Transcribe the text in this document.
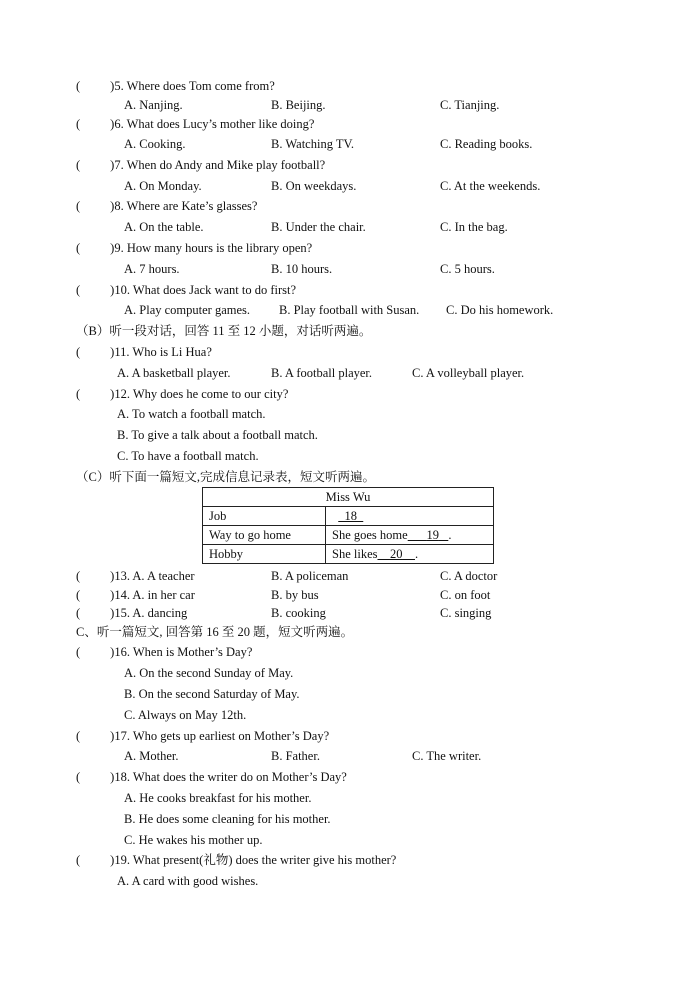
( )5. Where does Tom come from?
A. Nanjing.	B. Beijing.	C. Tianjing.
( )6. What does Lucy’s mother like doing?
A. Cooking.	B. Watching TV.	C. Reading books.
( )7. When do Andy and Mike play football?
A. On Monday.	B. On weekdays.	C. At the weekends.
( )8. Where are Kate’s glasses?
A. On the table.	B. Under the chair.	C. In the bag.
( )9. How many hours is the library open?
A. 7 hours.	B. 10 hours.	C. 5 hours.
( )10. What does Jack want to do first?
A. Play computer games. B. Play football with Susan. C. Do his homework.
（B）听一段对话，回答 11 至 12 小题，对话听两遍。
( )11. Who is Li Hua?
A. A basketball player.	B. A football player.	C. A volleyball player.
( )12. Why does he come to our city?
A. To watch a football match.
B. To give a talk about a football match.
C. To have a football match.
（C）听下面一篇短文,完成信息记录表，短文听两遍。
Miss Wu	
Job	18
Way to go home	She goes home 19 .
Hobby	She likes 20 .
( )13. A. A teacher	B. A policeman	C. A doctor
( )14. A. in her car	B. by bus	C. on foot
( )15. A. dancing	B. cooking	C. singing
C、听一篇短文, 回答第 16 至 20 题，短文听两遍。
( )16. When is Mother’s Day?
A. On the second Sunday of May.
B. On the second Saturday of May.
C. Always on May 12th.
( )17. Who gets up earliest on Mother’s Day?
A. Mother.	B. Father.	C. The writer.
( )18. What does the writer do on Mother’s Day?
A. He cooks breakfast for his mother.
B. He does some cleaning for his mother.
C. He wakes his mother up.
( )19. What present(礼物) does the writer give his mother?
A. A card with good wishes.
